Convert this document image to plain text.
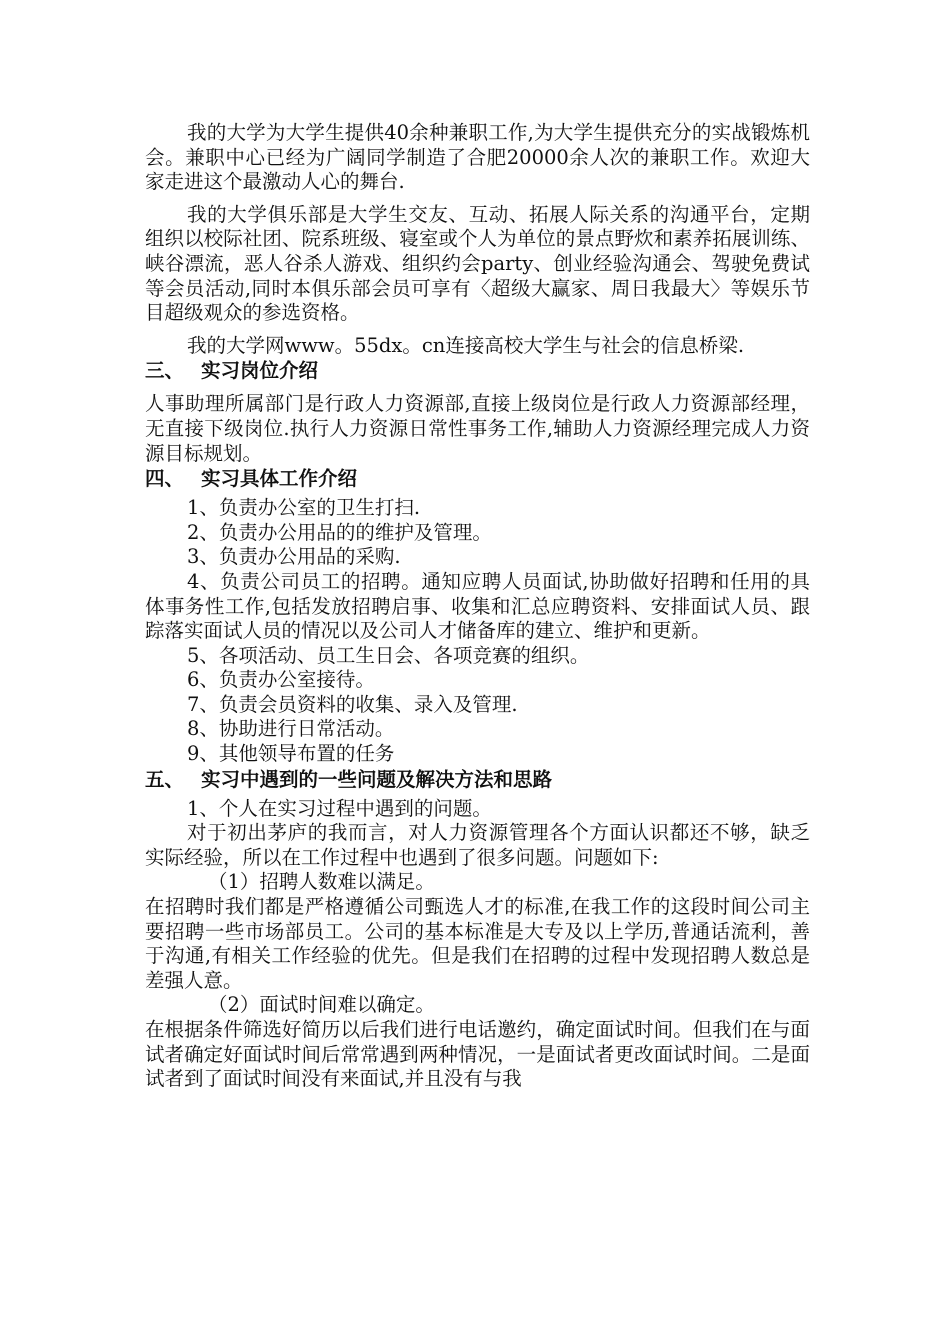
我的大学为大学生提供40余种兼职工作,为大学生提供充分的实战锻炼机会。兼职中心已经为广阔同学制造了合肥20000余人次的兼职工作。欢迎大家走进这个最激动人心的舞台.

我的大学俱乐部是大学生交友、互动、拓展人际关系的沟通平台，定期组织以校际社团、院系班级、寝室或个人为单位的景点野炊和素养拓展训练、峡谷漂流，恶人谷杀人游戏、组织约会party、创业经验沟通会、驾驶免费试等会员活动,同时本俱乐部会员可享有〈超级大赢家、周日我最大〉等娱乐节目超级观众的参选资格。

我的大学网www。55dx。cn连接高校大学生与社会的信息桥梁.

三、 实习岗位介绍

人事助理所属部门是行政人力资源部,直接上级岗位是行政人力资源部经理，无直接下级岗位.执行人力资源日常性事务工作,辅助人力资源经理完成人力资源目标规划。

四、 实习具体工作介绍

1、负责办公室的卫生打扫.

2、负责办公用品的的维护及管理。

3、负责办公用品的采购.

4、负责公司员工的招聘。通知应聘人员面试,协助做好招聘和任用的具体事务性工作,包括发放招聘启事、收集和汇总应聘资料、安排面试人员、跟踪落实面试人员的情况以及公司人才储备库的建立、维护和更新。

5、各项活动、员工生日会、各项竞赛的组织。

6、负责办公室接待。

7、负责会员资料的收集、录入及管理.

8、协助进行日常活动。

9、其他领导布置的任务

五、 实习中遇到的一些问题及解决方法和思路

1、个人在实习过程中遇到的问题。

对于初出茅庐的我而言，对人力资源管理各个方面认识都还不够，缺乏实际经验，所以在工作过程中也遇到了很多问题。问题如下:

（1）招聘人数难以满足。

在招聘时我们都是严格遵循公司甄选人才的标准,在我工作的这段时间公司主要招聘一些市场部员工。公司的基本标准是大专及以上学历,普通话流利，善于沟通,有相关工作经验的优先。但是我们在招聘的过程中发现招聘人数总是差强人意。

（2）面试时间难以确定。

在根据条件筛选好简历以后我们进行电话邀约，确定面试时间。但我们在与面试者确定好面试时间后常常遇到两种情况，一是面试者更改面试时间。二是面试者到了面试时间没有来面试,并且没有与我
